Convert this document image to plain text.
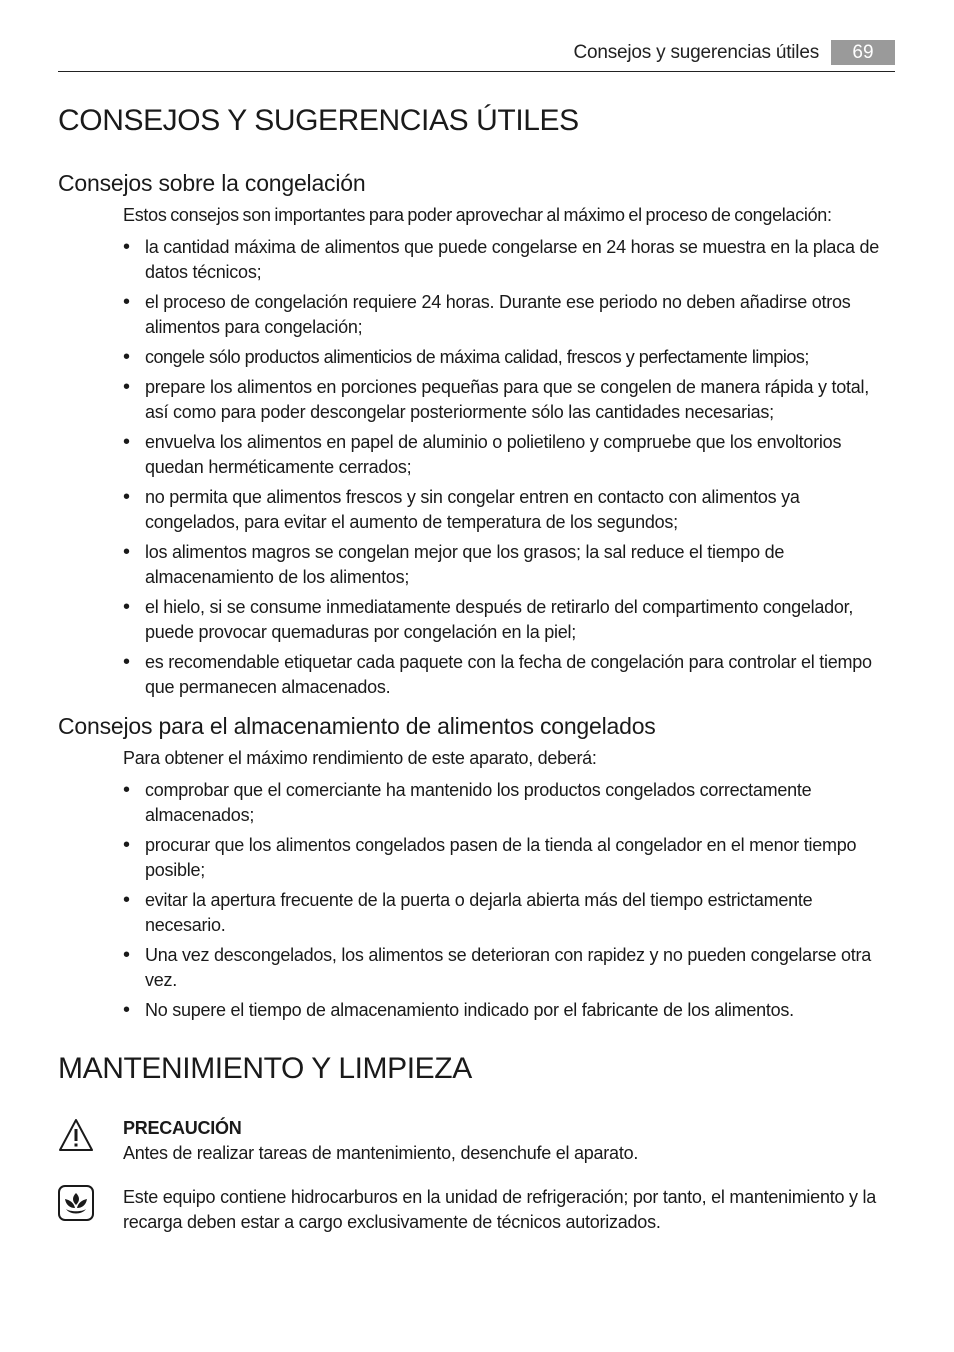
Consejos y sugerencias útiles	69
CONSEJOS Y SUGERENCIAS ÚTILES
Consejos sobre la congelación

Estos consejos son importantes para poder aprovechar al máximo el proceso de congelación:

• la cantidad máxima de alimentos que puede congelarse en 24 horas se muestra en la placa de datos técnicos;
• el proceso de congelación requiere 24 horas. Durante ese periodo no deben añadirse otros alimentos para congelación;
• congele sólo productos alimenticios de máxima calidad, frescos y perfectamente limpios;
• prepare los alimentos en porciones pequeñas para que se congelen de manera rápida y total, así como para poder descongelar posteriormente sólo las cantidades necesarias;
• envuelva los alimentos en papel de aluminio o polietileno y compruebe que los envoltorios quedan herméticamente cerrados;
• no permita que alimentos frescos y sin congelar entren en contacto con alimentos ya congelados, para evitar el aumento de temperatura de los segundos;
• los alimentos magros se congelan mejor que los grasos; la sal reduce el tiempo de almacenamiento de los alimentos;
• el hielo, si se consume inmediatamente después de retirarlo del compartimento congelador, puede provocar quemaduras por congelación en la piel;
• es recomendable etiquetar cada paquete con la fecha de congelación para controlar el tiempo que permanecen almacenados.
Consejos para el almacenamiento de alimentos congelados

Para obtener el máximo rendimiento de este aparato, deberá:

• comprobar que el comerciante ha mantenido los productos congelados correctamente almacenados;
• procurar que los alimentos congelados pasen de la tienda al congelador en el menor tiempo posible;
• evitar la apertura frecuente de la puerta o dejarla abierta más del tiempo estrictamente necesario.
• Una vez descongelados, los alimentos se deterioran con rapidez y no pueden congelarse otra vez.
• No supere el tiempo de almacenamiento indicado por el fabricante de los alimentos.
MANTENIMIENTO Y LIMPIEZA
PRECAUCIÓN
Antes de realizar tareas de mantenimiento, desenchufe el aparato.
Este equipo contiene hidrocarburos en la unidad de refrigeración; por tanto, el mantenimiento y la recarga deben estar a cargo exclusivamente de técnicos autorizados.
